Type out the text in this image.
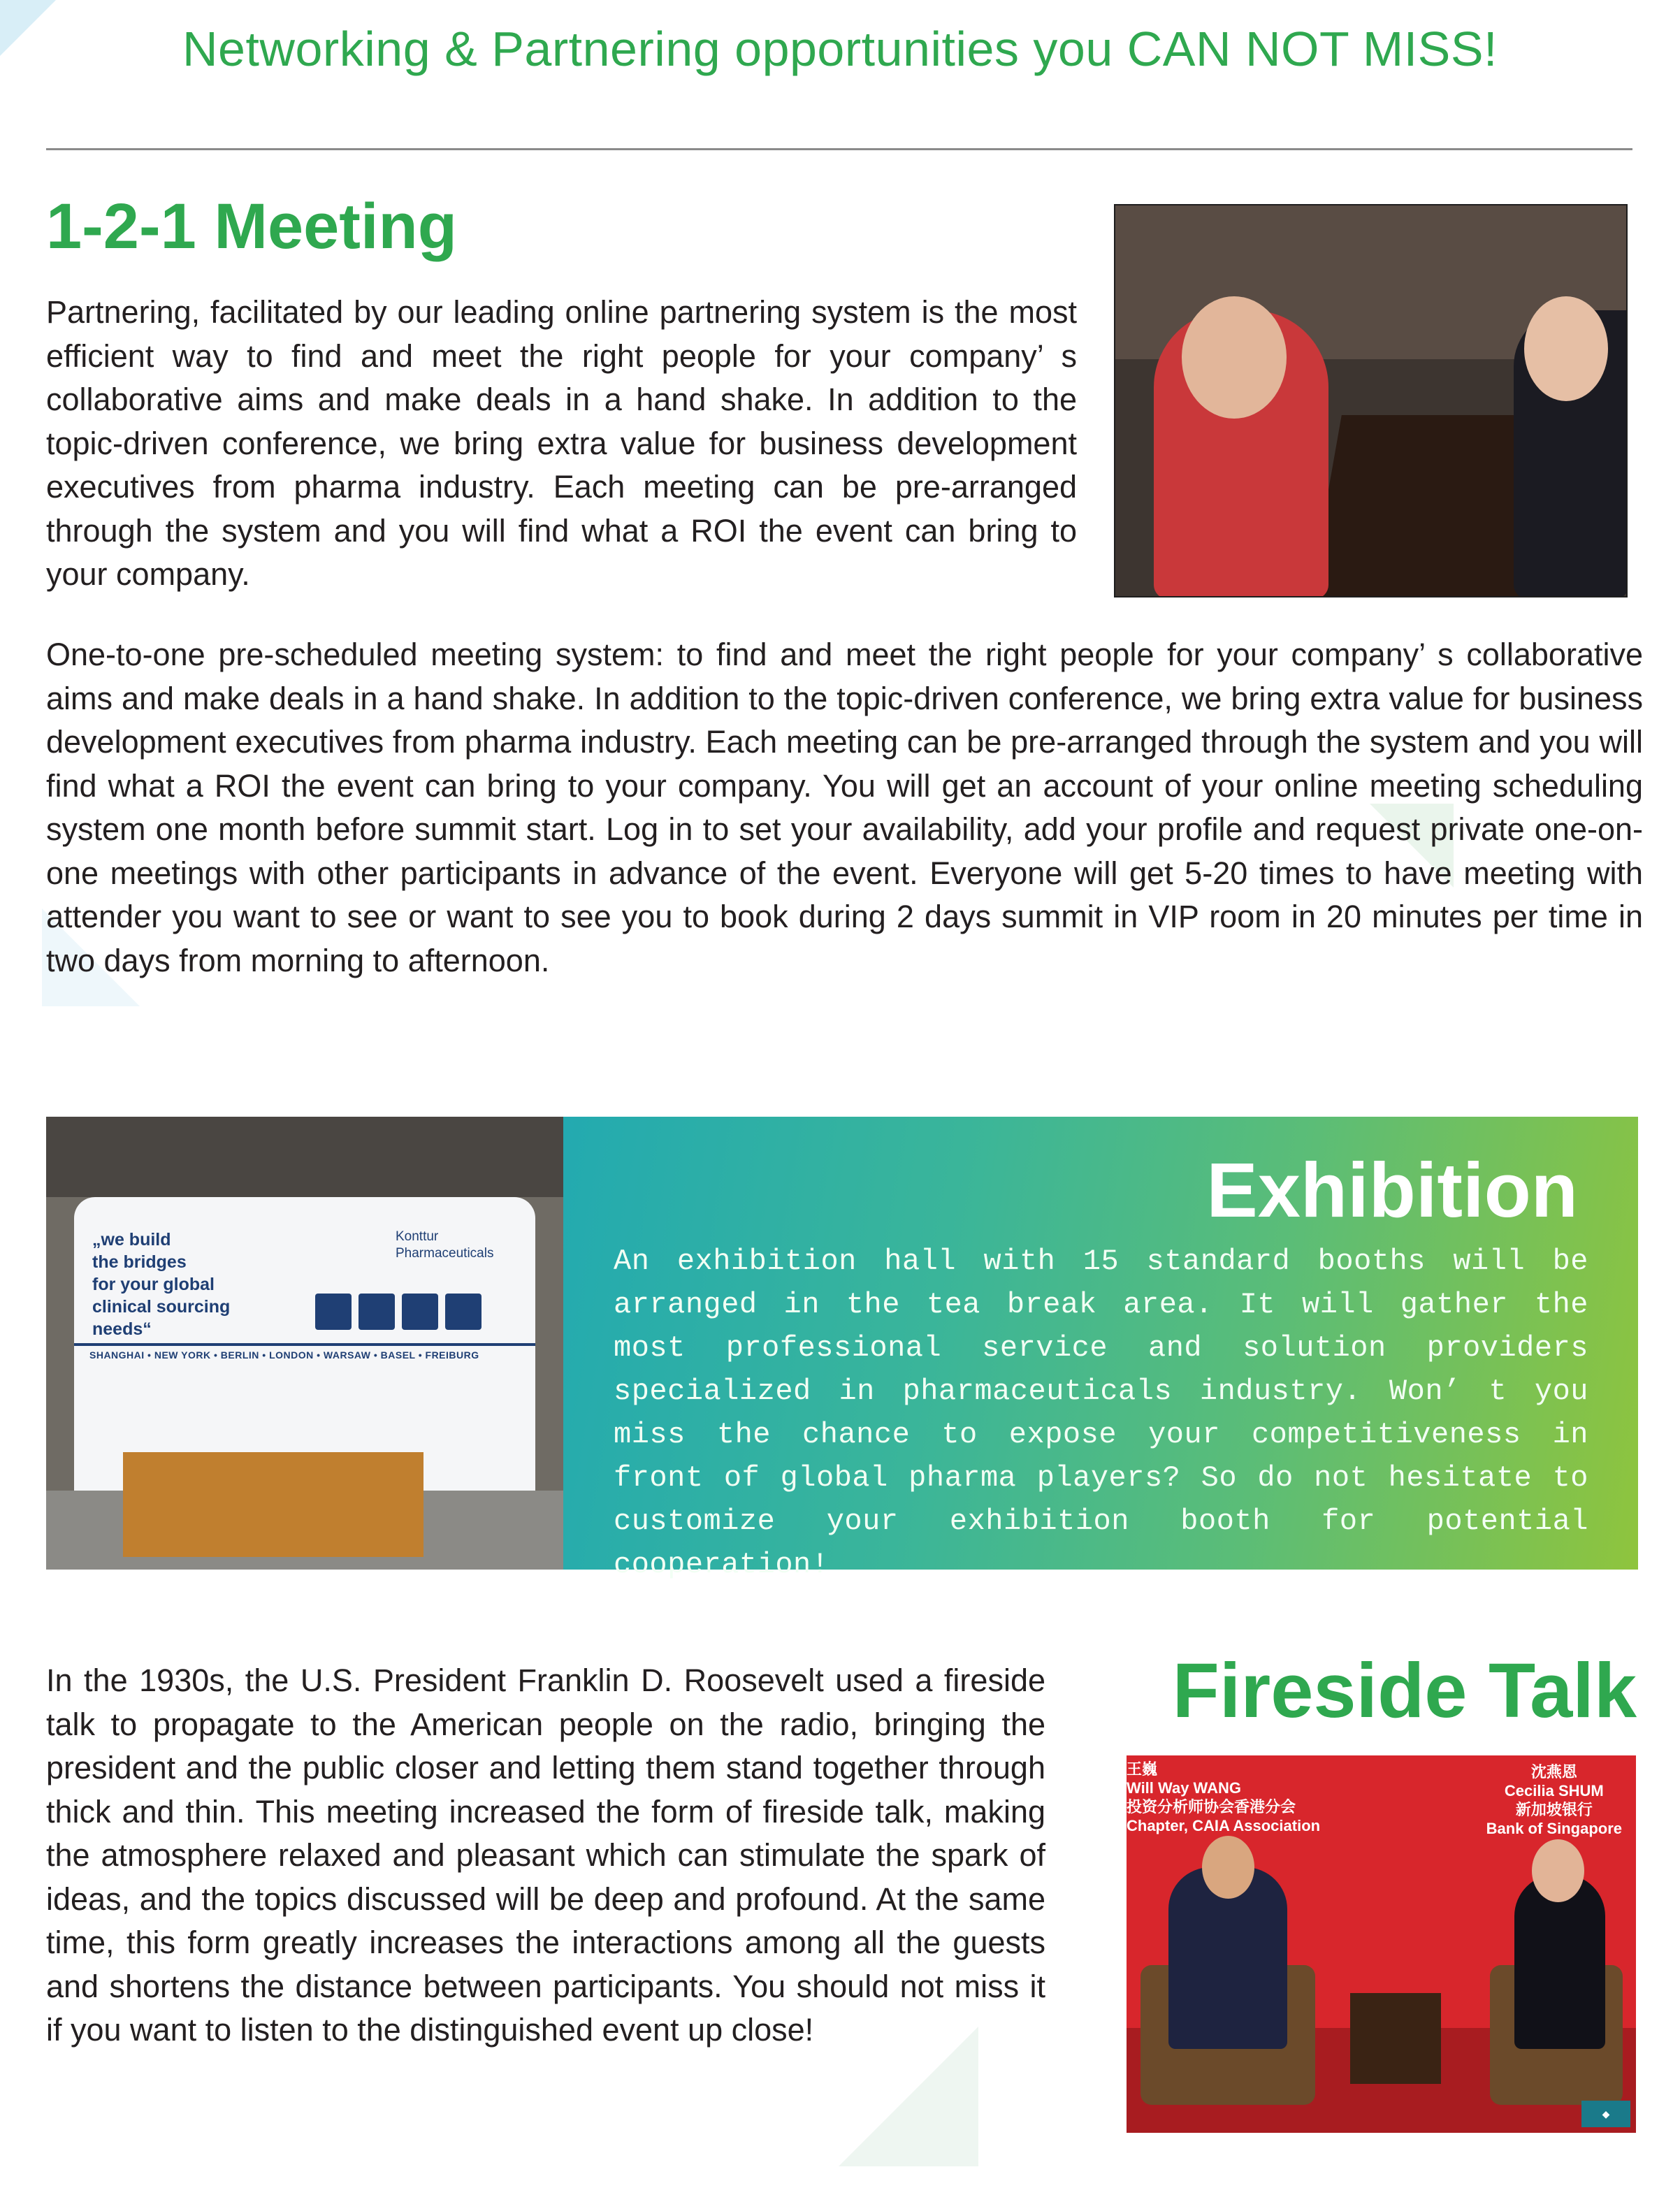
Networking & Partnering opportunities you CAN NOT MISS!
1-2-1 Meeting

Partnering, facilitated by our leading online partnering system is the most efficient way to find and meet the right people for your company’ s collaborative aims and make deals in a hand shake. In addition to the topic-driven conference, we bring extra value for business development executives from pharma industry. Each meeting can be pre-arranged through the system and you will find what a ROI the event can bring to your company.

One-to-one pre-scheduled meeting system: to find and meet the right people for your company’ s collaborative aims and make deals in a hand shake. In addition to the topic-driven conference, we bring extra value for business development executives from pharma industry. Each meeting can be pre-arranged through the system and you will find what a ROI the event can bring to your company. You will get an account of your online meeting scheduling system one month before summit start. Log in to set your availability, add your profile and request private one-on-one meetings with other participants in advance of the event. Everyone will get 5-20 times to have meeting with attender you want to see or want to see you to book during 2 days summit in VIP room in 20 minutes per time in two days from morning to afternoon.

„we build
the bridges
for your global
clinical sourcing
needs“

Konttur
Pharmaceuticals

SHANGHAI • NEW YORK • BERLIN • LONDON • WARSAW • BASEL • FREIBURG

Exhibition

An exhibition hall with 15 standard booths will be arranged in the tea break area. It will gather the most professional service and solution providers specialized in pharmaceuticals industry. Won’ t you miss the chance to expose your competitiveness in front of global pharma players? So do not hesitate to customize your exhibition booth for potential cooperation!

In the 1930s, the U.S. President Franklin D. Roosevelt used a fireside talk to propagate to the American people on the radio, bringing the president and the public closer and letting them stand together through thick and thin. This meeting increased the form of fireside talk, making the atmosphere relaxed and pleasant which can stimulate the spark of ideas, and the topics discussed will be deep and profound. At the same time, this form greatly increases the interactions among all the guests and shortens the distance between participants. You should not miss it if you want to listen to the distinguished event up close!

Fireside Talk

王巍
Will Way WANG
投资分析师协会香港分会
Chapter, CAIA Association

沈燕恩
Cecilia SHUM
新加坡银行
Bank of Singapore

◆
